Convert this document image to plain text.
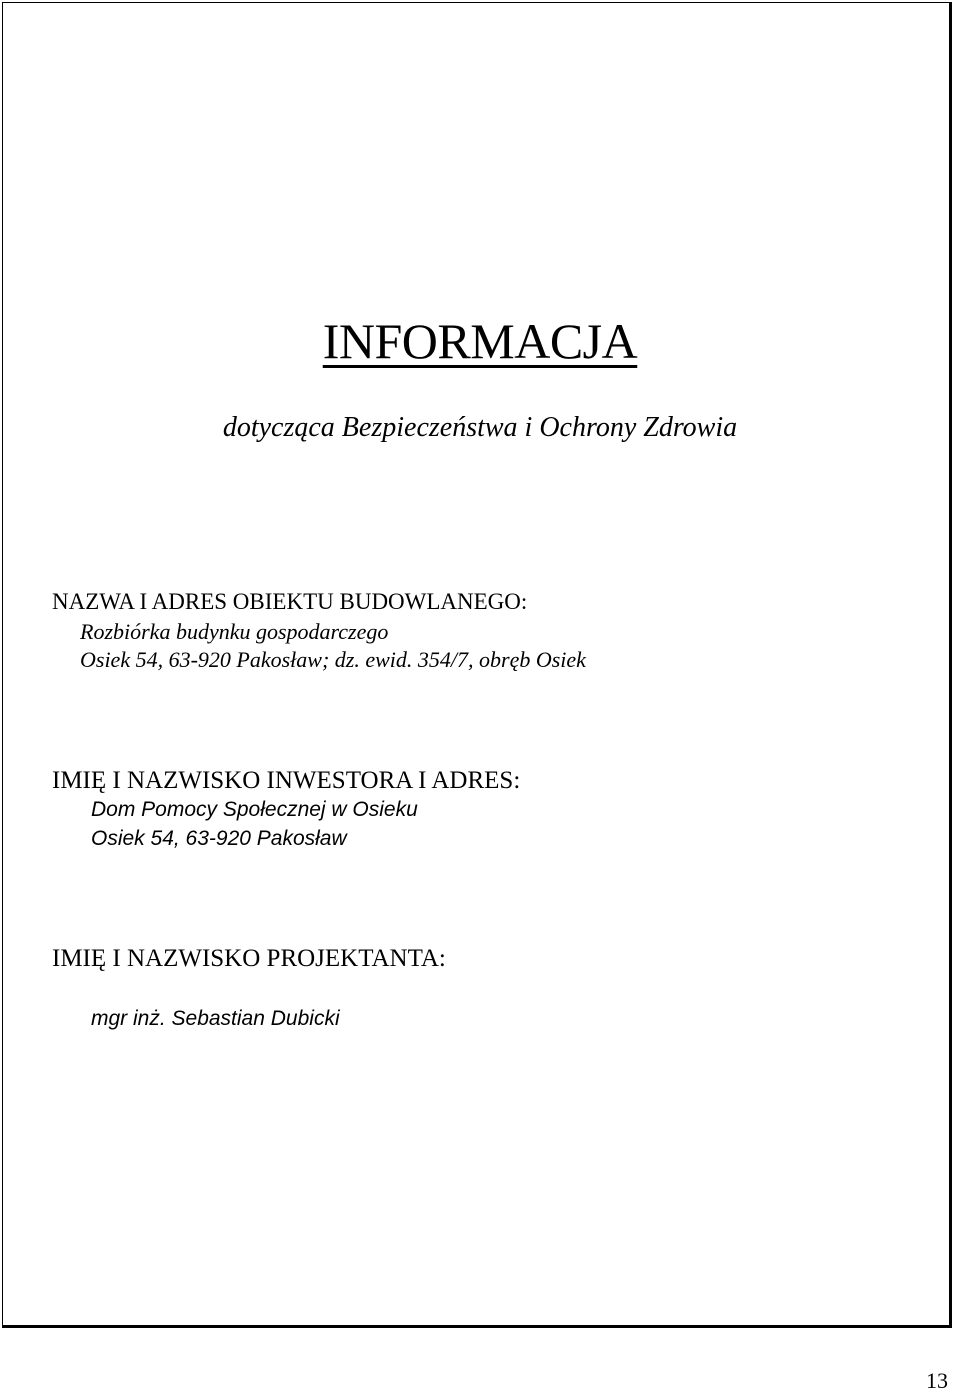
INFORMACJA
dotycząca Bezpieczeństwa i Ochrony Zdrowia
NAZWA I ADRES OBIEKTU BUDOWLANEGO:
Rozbiórka budynku gospodarczego
Osiek 54, 63-920 Pakosław; dz. ewid. 354/7, obręb Osiek
IMIĘ I NAZWISKO INWESTORA I ADRES:
Dom Pomocy Społecznej w Osieku
Osiek 54, 63-920 Pakosław
IMIĘ I NAZWISKO PROJEKTANTA:
mgr inż. Sebastian Dubicki
13
